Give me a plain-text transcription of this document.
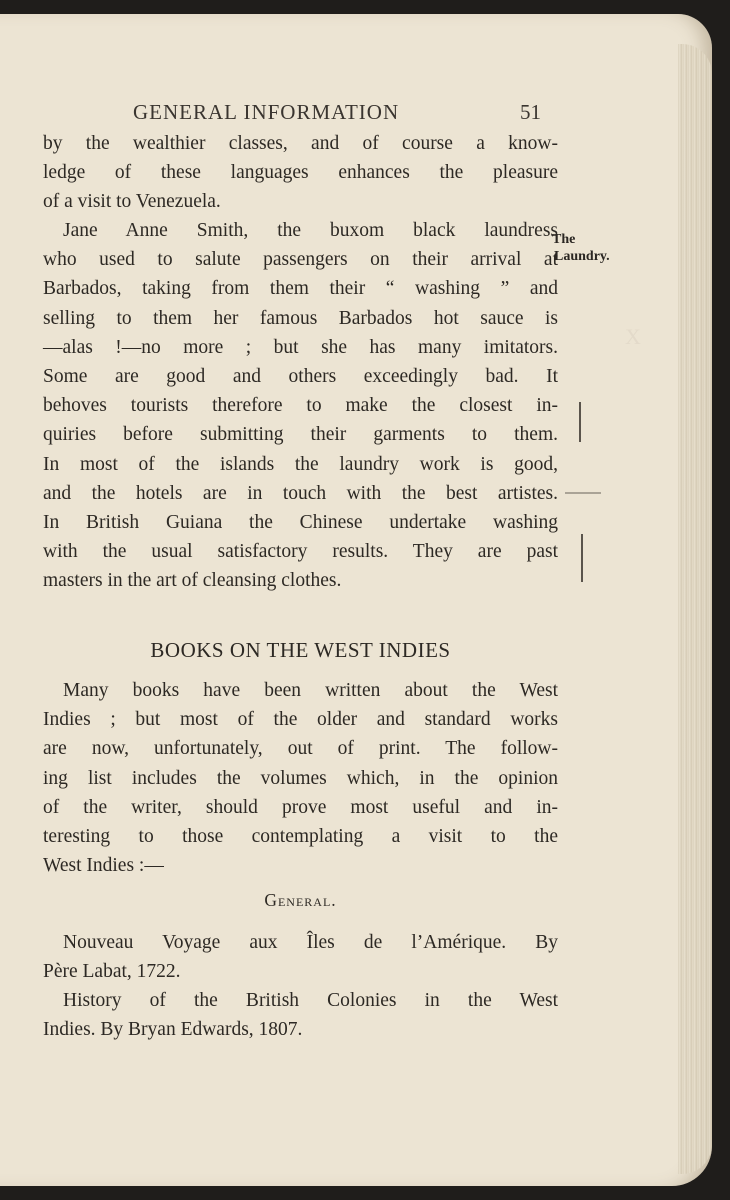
X
GENERAL INFORMATION	51
by the wealthier classes, and of course a know-
ledge of these languages enhances the pleasure
of a visit to Venezuela.
Jane Anne Smith, the buxom black laundress
who used to salute passengers on their arrival at
Barbados, taking from them their “ washing ” and
selling to them her famous Barbados hot sauce is
—alas !—no more ; but she has many imitators.
Some are good and others exceedingly bad. It
behoves tourists therefore to make the closest in-
quiries before submitting their garments to them.
In most of the islands the laundry work is good,
and the hotels are in touch with the best artistes.
In British Guiana the Chinese undertake washing
with the usual satisfactory results. They are past
masters in the art of cleansing clothes.
The
Laundry.
BOOKS ON THE WEST INDIES
Many books have been written about the West
Indies ; but most of the older and standard works
are now, unfortunately, out of print. The follow-
ing list includes the volumes which, in the opinion
of the writer, should prove most useful and in-
teresting to those contemplating a visit to the
West Indies :—
General.
Nouveau Voyage aux Îles de l’Amérique. By
Père Labat, 1722.
History of the British Colonies in the West
Indies. By Bryan Edwards, 1807.
